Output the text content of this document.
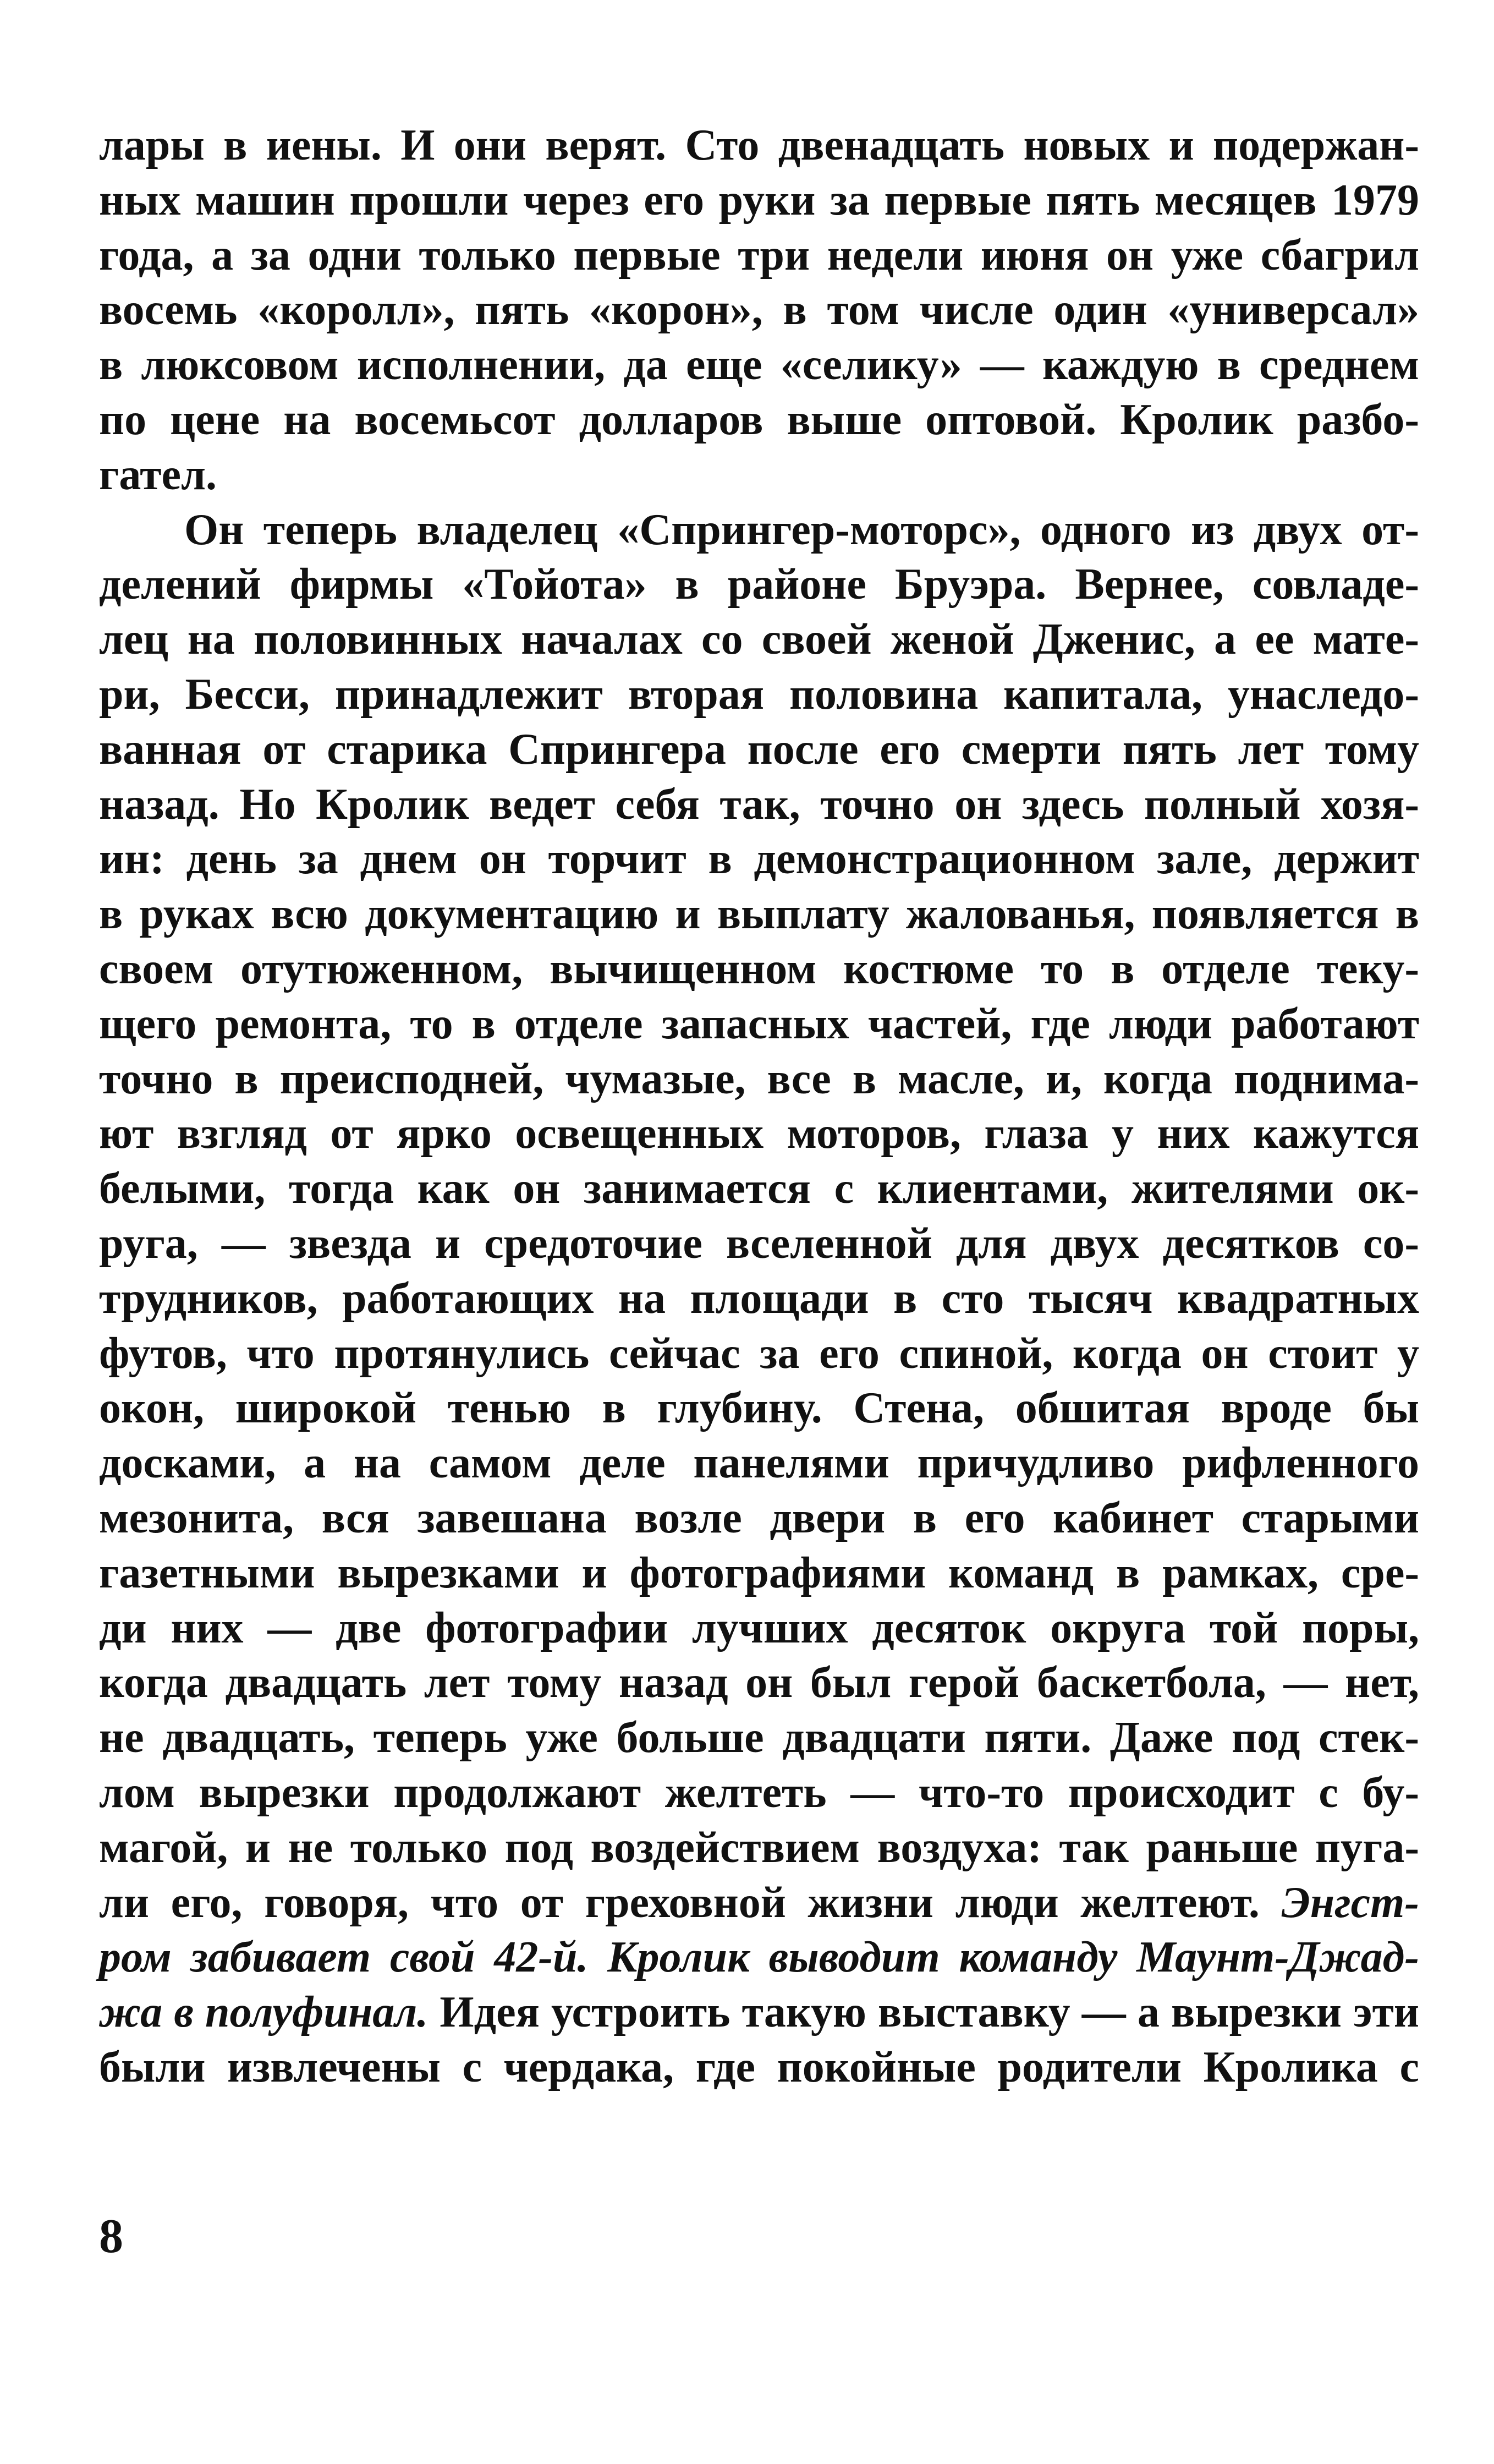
лары в иены. И они верят. Сто двенадцать новых и подержан-
ных машин прошли через его руки за первые пять месяцев 1979
года, а за одни только первые три недели июня он уже сбагрил
восемь «королл», пять «корон», в том числе один «универсал»
в люксовом исполнении, да еще «селику» — каждую в среднем
по цене на восемьсот долларов выше оптовой. Кролик разбо-
гател.
Он теперь владелец «Спрингер-моторс», одного из двух от-
делений фирмы «Тойота» в районе Бруэра. Вернее, совладе-
лец на половинных началах со своей женой Дженис, а ее мате-
ри, Бесси, принадлежит вторая половина капитала, унаследо-
ванная от старика Спрингера после его смерти пять лет тому
назад. Но Кролик ведет себя так, точно он здесь полный хозя-
ин: день за днем он торчит в демонстрационном зале, держит
в руках всю документацию и выплату жалованья, появляется в
своем отутюженном, вычищенном костюме то в отделе теку-
щего ремонта, то в отделе запасных частей, где люди работают
точно в преисподней, чумазые, все в масле, и, когда поднима-
ют взгляд от ярко освещенных моторов, глаза у них кажутся
белыми, тогда как он занимается с клиентами, жителями ок-
руга, — звезда и средоточие вселенной для двух десятков со-
трудников, работающих на площади в сто тысяч квадратных
футов, что протянулись сейчас за его спиной, когда он стоит у
окон, широкой тенью в глубину. Стена, обшитая вроде бы
досками, а на самом деле панелями причудливо рифленного
мезонита, вся завешана возле двери в его кабинет старыми
газетными вырезками и фотографиями команд в рамках, сре-
ди них — две фотографии лучших десяток округа той поры,
когда двадцать лет тому назад он был герой баскетбола, — нет,
не двадцать, теперь уже больше двадцати пяти. Даже под стек-
лом вырезки продолжают желтеть — что-то происходит с бу-
магой, и не только под воздействием воздуха: так раньше пуга-
ли его, говоря, что от греховной жизни люди желтеют. Энгст-
ром забивает свой 42-й. Кролик выводит команду Маунт-Джад-
жа в полуфинал. Идея устроить такую выставку — а вырезки эти
были извлечены с чердака, где покойные родители Кролика с
8
